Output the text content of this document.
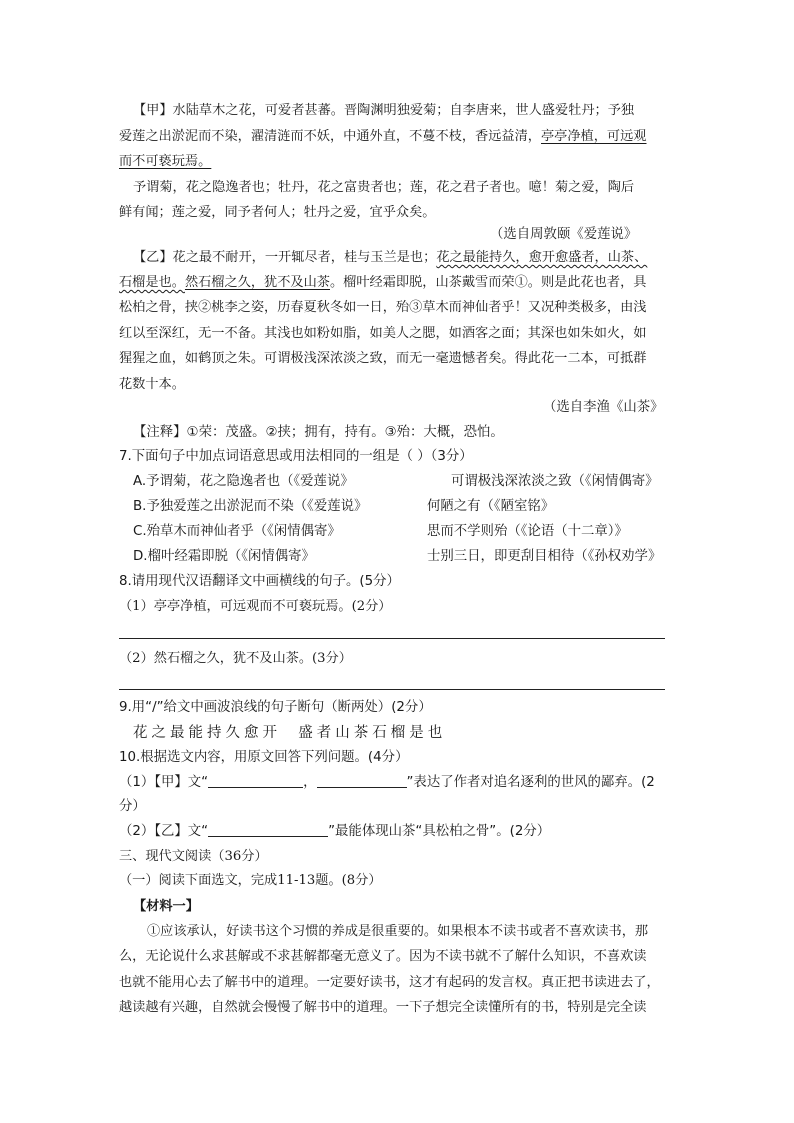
【甲】水陆草木之花，可爱者甚蕃。晋陶渊明独爱菊；自李唐来，世人盛爱牡丹；予独
爱莲之出淤泥而不染，濯清涟而不妖，中通外直，不蔓不枝，香远益清，亭亭净植，可远观
而不可亵玩焉。
予谓菊，花之隐逸者也；牡丹，花之富贵者也；莲，花之君子者也。噫！菊之爱，陶后
鲜有闻；莲之爱，同予者何人；牡丹之爱，宜乎众矣。
（选自周敦颐《爱莲说》
【乙】花之最不耐开，一开辄尽者，桂与玉兰是也；花之最能持久，愈开愈盛者，山茶、
石榴是也。然石榴之久，犹不及山茶。榴叶经霜即脱，山茶戴雪而荣①。则是此花也者，具
松柏之骨，挟②桃李之姿，历春夏秋冬如一日，殆③草木而神仙者乎！又况种类极多，由浅
红以至深红，无一不备。其浅也如粉如脂，如美人之腮，如酒客之面；其深也如朱如火，如
猩猩之血，如鹤顶之朱。可谓极浅深浓淡之致，而无一毫遗憾者矣。得此花一二本，可抵群
花数十本。
（选自李渔《山茶》
【注释】①荣：茂盛。②挟；拥有，持有。③殆：大概，恐怕。
7.下面句子中加点词语意思或用法相同的一组是（ ）（3分）
A.予谓菊，花之隐逸者也（《爱莲说》	可谓极浅深浓淡之致（《闲情偶寄》
B.予独爱莲之出淤泥而不染（《爱莲说》	何陋之有（《陋室铭》
C.殆草木而神仙者乎（《闲情偶寄》	思而不学则殆（《论语（十二章）》
D.榴叶经霜即脱（《闲情偶寄》	士别三日，即更刮目相待（《孙权劝学》
8.请用现代汉语翻译文中画横线的句子。(5分）
（1）亭亭净植，可远观而不可亵玩焉。(2分）
（2）然石榴之久，犹不及山茶。(3分）
9.用“/”给文中画波浪线的句子断句（断两处）(2分）
花之最能持久愈开  盛者山茶石榴是也
10.根据选文内容，用原文回答下列问题。(4分）
（1）【甲】文“	，	”表达了作者对追名逐利的世风的鄙弃。(2
分）
（2）【乙】文“	”最能体现山茶“具松柏之骨”。(2分）
三、现代文阅读（36分）
（一）阅读下面选文，完成11-13题。(8分）
【材料一】
①应该承认，好读书这个习惯的养成是很重要的。如果根本不读书或者不喜欢读书，那
么，无论说什么求甚解或不求甚解都毫无意义了。因为不读书就不了解什么知识，不喜欢读
也就不能用心去了解书中的道理。一定要好读书，这才有起码的发言权。真正把书读进去了，
越读越有兴趣，自然就会慢慢了解书中的道理。一下子想完全读懂所有的书，特别是完全读
